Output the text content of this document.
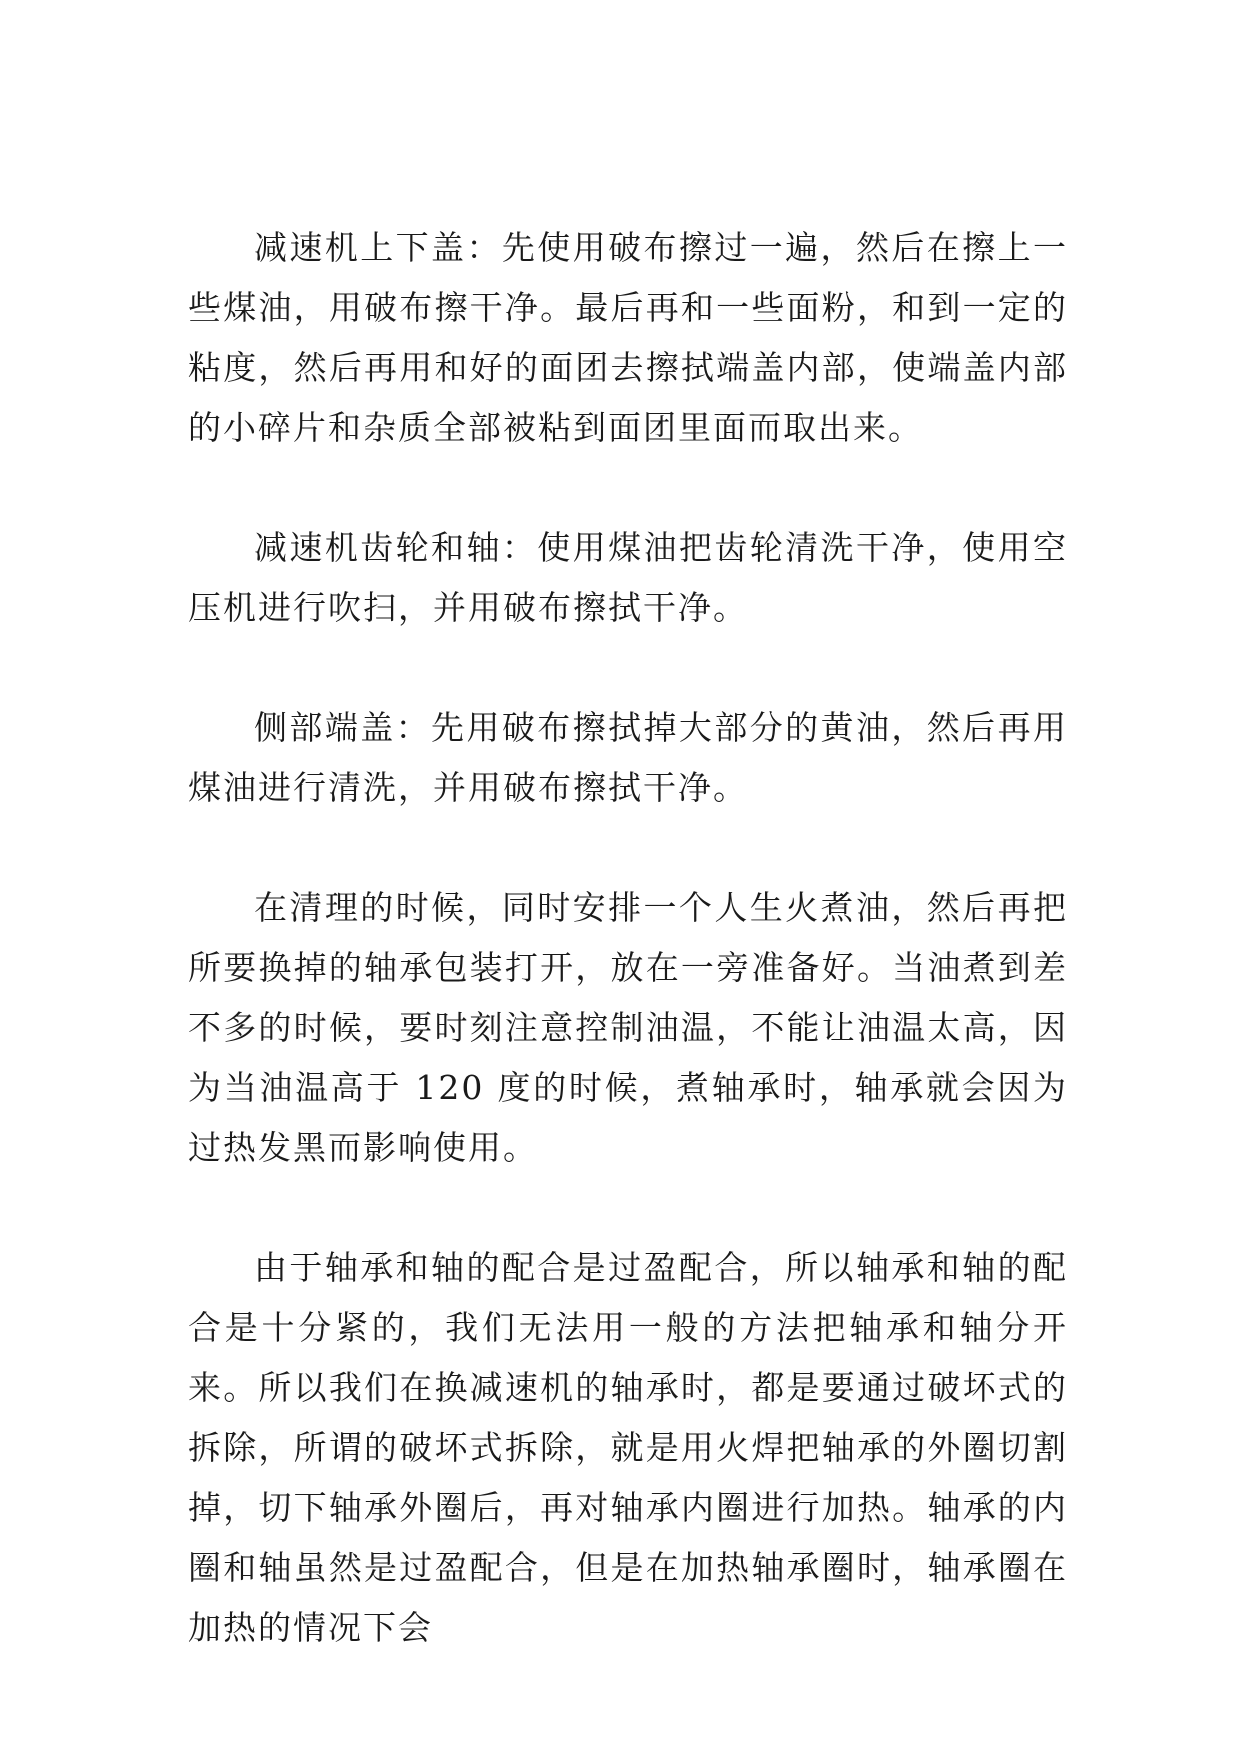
减速机上下盖：先使用破布擦过一遍，然后在擦上一些煤油，用破布擦干净。最后再和一些面粉，和到一定的粘度，然后再用和好的面团去擦拭端盖内部，使端盖内部的小碎片和杂质全部被粘到面团里面而取出来。

减速机齿轮和轴：使用煤油把齿轮清洗干净，使用空压机进行吹扫，并用破布擦拭干净。

侧部端盖：先用破布擦拭掉大部分的黄油，然后再用煤油进行清洗，并用破布擦拭干净。

在清理的时候，同时安排一个人生火煮油，然后再把所要换掉的轴承包装打开，放在一旁准备好。当油煮到差不多的时候，要时刻注意控制油温，不能让油温太高，因为当油温高于 120 度的时候，煮轴承时，轴承就会因为过热发黑而影响使用。

由于轴承和轴的配合是过盈配合，所以轴承和轴的配合是十分紧的，我们无法用一般的方法把轴承和轴分开来。所以我们在换减速机的轴承时，都是要通过破坏式的拆除，所谓的破坏式拆除，就是用火焊把轴承的外圈切割掉，切下轴承外圈后，再对轴承内圈进行加热。轴承的内圈和轴虽然是过盈配合，但是在加热轴承圈时，轴承圈在加热的情况下会
